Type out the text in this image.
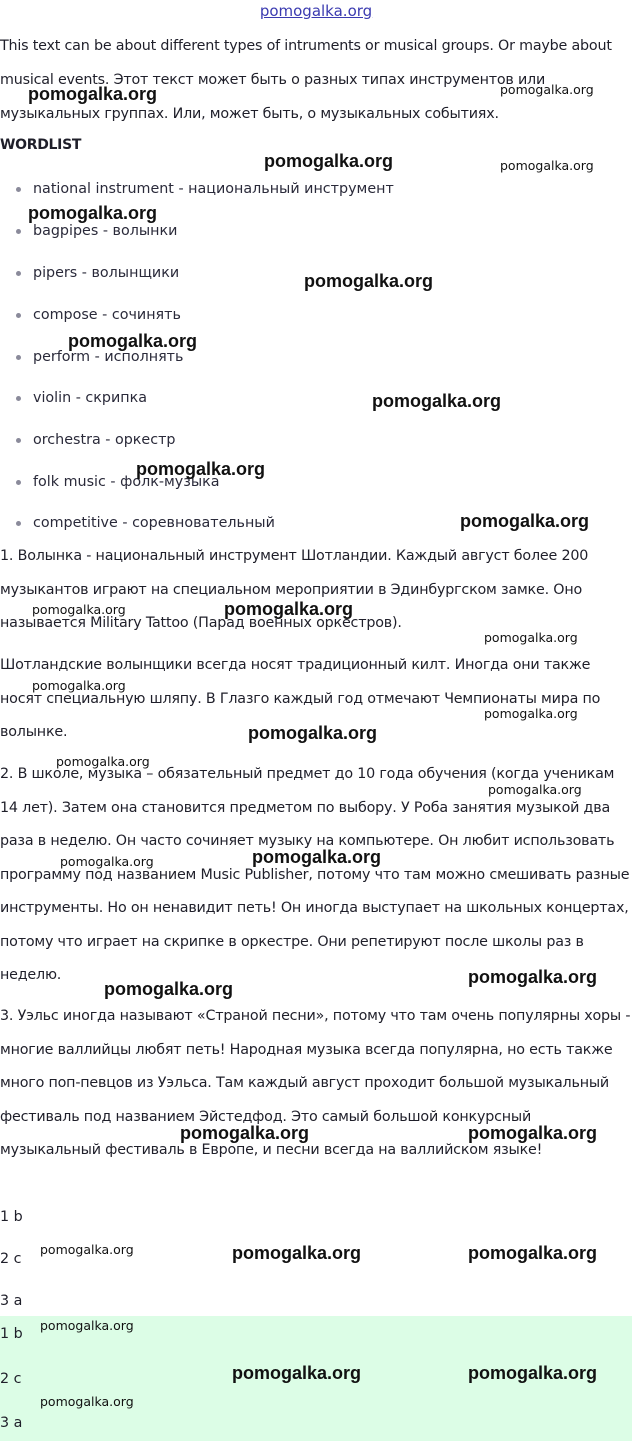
pomogalka.org

This text can be about different types of intruments or musical groups. Or maybe about musical events. Этот текст может быть о разных типах инструментов или музыкальных группах. Или, может быть, о музыкальных событиях.

WORDLIST
national instrument - национальный инструмент
bagpipes - волынки
pipers - волынщики
compose - сочинять
perform - исполнять
violin - скрипка
orchestra - оркестр
folk music - фолк-музыка
competitive - соревновательный

1. Волынка - национальный инструмент Шотландии. Каждый август более 200 музыкантов играют на специальном мероприятии в Эдинбургском замке. Оно называется Military Tattoo (Парад военных оркестров).

Шотландские волынщики всегда носят традиционный килт. Иногда они также носят специальную шляпу. В Глазго каждый год отмечают Чемпионаты мира по волынке.

2. В школе, музыка – обязательный предмет до 10 года обучения (когда ученикам 14 лет). Затем она становится предметом по выбору. У Роба занятия музыкой два раза в неделю. Он часто сочиняет музыку на компьютере. Он любит использовать программу под названием Music Publisher, потому что там можно смешивать разные инструменты. Но он ненавидит петь! Он иногда выступает на школьных концертах, потому что играет на скрипке в оркестре. Они репетируют после школы раз в неделю.

3. Уэльс иногда называют «Страной песни», потому что там очень популярны хоры - многие валлийцы любят петь! Народная музыка всегда популярна, но есть также много поп-певцов из Уэльса. Там каждый август проходит большой музыкальный фестиваль под названием Эйстедфод. Это самый большой конкурсный музыкальный фестиваль в Европе, и песни всегда на валлийском языке!

1 b
2 c
3 a
1 b
2 c
3 a
pomogalka.org	pomogalka.org
pomogalka.org	pomogalka.org
pomogalka.org
pomogalka.org
pomogalka.org
pomogalka.org
pomogalka.org
pomogalka.org
pomogalka.org	pomogalka.org
pomogalka.org
pomogalka.org
pomogalka.org
pomogalka.org
pomogalka.org
pomogalka.org
pomogalka.org	pomogalka.org
pomogalka.org
pomogalka.org
pomogalka.org	pomogalka.org
pomogalka.org	pomogalka.org	pomogalka.org
pomogalka.org
pomogalka.org	pomogalka.org
pomogalka.org
